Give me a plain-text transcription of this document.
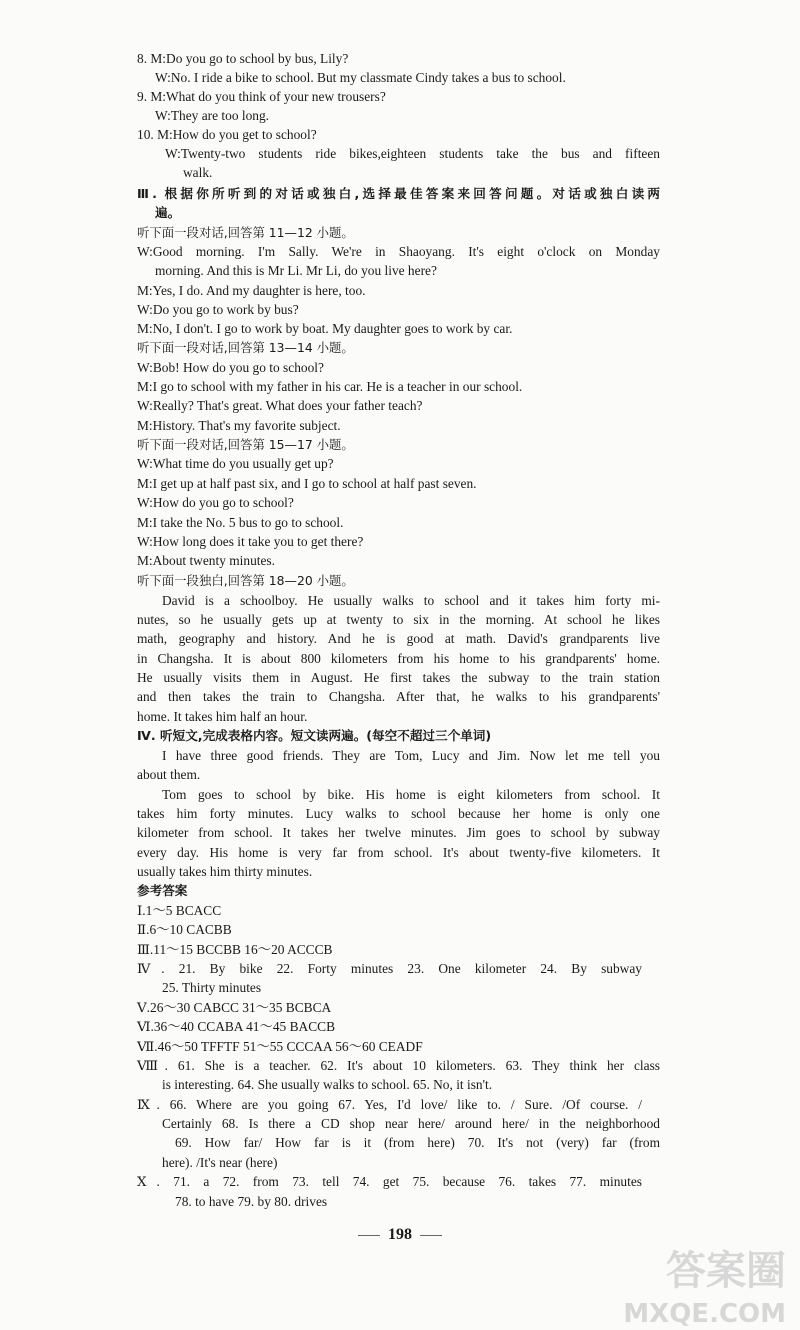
8. M:Do you go to school by bus, Lily?
W:No. I ride a bike to school. But my classmate Cindy takes a bus to school.
9. M:What do you think of your new trousers?
W:They are too long.
10. M:How do you get to school?
W:Twenty-two students ride bikes,eighteen students take the bus and fifteen
walk.
Ⅲ. 根据你所听到的对话或独白,选择最佳答案来回答问题。对话或独白读两
遍。
听下面一段对话,回答第 11—12 小题。
W:Good morning. I'm Sally. We're in Shaoyang. It's eight o'clock on Monday
morning. And this is Mr Li. Mr Li, do you live here?
M:Yes, I do. And my daughter is here, too.
W:Do you go to work by bus?
M:No, I don't. I go to work by boat. My daughter goes to work by car.
听下面一段对话,回答第 13—14 小题。
W:Bob! How do you go to school?
M:I go to school with my father in his car. He is a teacher in our school.
W:Really? That's great. What does your father teach?
M:History. That's my favorite subject.
听下面一段对话,回答第 15—17 小题。
W:What time do you usually get up?
M:I get up at half past six, and I go to school at half past seven.
W:How do you go to school?
M:I take the No. 5 bus to go to school.
W:How long does it take you to get there?
M:About twenty minutes.
听下面一段独白,回答第 18—20 小题。
David is a schoolboy. He usually walks to school and it takes him forty mi-
nutes, so he usually gets up at twenty to six in the morning. At school he likes
math, geography and history. And he is good at math. David's grandparents live
in Changsha. It is about 800 kilometers from his home to his grandparents' home.
He usually visits them in August. He first takes the subway to the train station
and then takes the train to Changsha. After that, he walks to his grandparents'
home. It takes him half an hour.
Ⅳ. 听短文,完成表格内容。短文读两遍。(每空不超过三个单词)
I have three good friends. They are Tom, Lucy and Jim. Now let me tell you
about them.
Tom goes to school by bike. His home is eight kilometers from school. It
takes him forty minutes. Lucy walks to school because her home is only one
kilometer from school. It takes her twelve minutes. Jim goes to school by subway
every day. His home is very far from school. It's about twenty-five kilometers. It
usually takes him thirty minutes.
参考答案
Ⅰ.1～5 BCACC
Ⅱ.6～10 CACBB
Ⅲ.11～15 BCCBB 16～20 ACCCB
Ⅳ. 21. By bike 22. Forty minutes 23. One kilometer 24. By subway
25. Thirty minutes
Ⅴ.26～30 CABCC 31～35 BCBCA
Ⅵ.36～40 CCABA 41～45 BACCB
Ⅶ.46～50 TFFTF 51～55 CCCAA 56～60 CEADF
Ⅷ. 61. She is a teacher. 62. It's about 10 kilometers. 63. They think her class
is interesting. 64. She usually walks to school. 65. No, it isn't.
Ⅸ. 66. Where are you going 67. Yes, I'd love/ like to. / Sure. /Of course. /
Certainly 68. Is there a CD shop near here/ around here/ in the neighborhood
69. How far/ How far is it (from here) 70. It's not (very) far (from
here). /It's near (here)
Ⅹ. 71. a 72. from 73. tell 74. get 75. because 76. takes 77. minutes
78. to have 79. by 80. drives
198
答案圈
MXQE.COM
